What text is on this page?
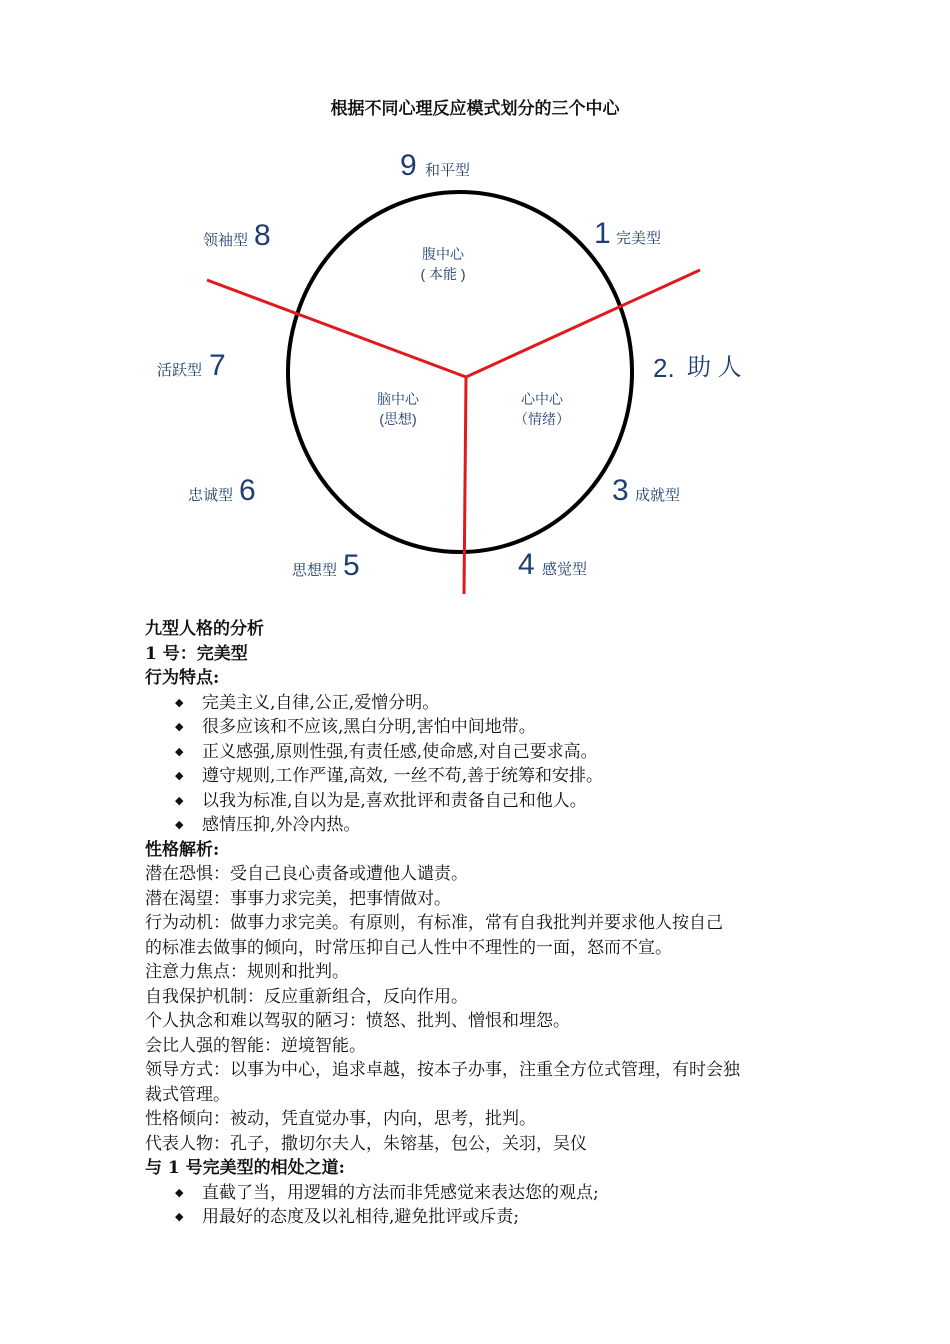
根据不同心理反应模式划分的三个中心
9 和平型
1 完美型
2. 助 人
3 成就型
4 感觉型
思想型 5
忠诚型 6
活跃型 7
领袖型 8
腹中心
( 本能 )
脑中心
(思想)
心中心
（情绪）

九型人格的分析

1 号：完美型

行为特点:

◆ 完美主义,自律,公正,爱憎分明。
◆ 很多应该和不应该,黑白分明,害怕中间地带。
◆ 正义感强,原则性强,有责任感,使命感,对自己要求高。
◆ 遵守规则,工作严谨,高效, 一丝不苟,善于统筹和安排。
◆ 以我为标准,自以为是,喜欢批评和责备自己和他人。
◆ 感情压抑,外冷内热。

性格解析:

潜在恐惧：受自己良心责备或遭他人谴责。

潜在渴望：事事力求完美，把事情做对。

行为动机：做事力求完美。有原则，有标准，常有自我批判并要求他人按自己的标准去做事的倾向，时常压抑自己人性中不理性的一面，怒而不宣。

注意力焦点：规则和批判。

自我保护机制：反应重新组合，反向作用。

个人执念和难以驾驭的陋习：愤怒、批判、憎恨和埋怨。

会比人强的智能：逆境智能。

领导方式：以事为中心，追求卓越，按本子办事，注重全方位式管理，有时会独裁式管理。

性格倾向：被动，凭直觉办事，内向，思考，批判。

代表人物：孔子，撒切尔夫人，朱镕基，包公，关羽，吴仪

与 1 号完美型的相处之道:

◆ 直截了当，用逻辑的方法而非凭感觉来表达您的观点;
◆ 用最好的态度及以礼相待,避免批评或斥责;
